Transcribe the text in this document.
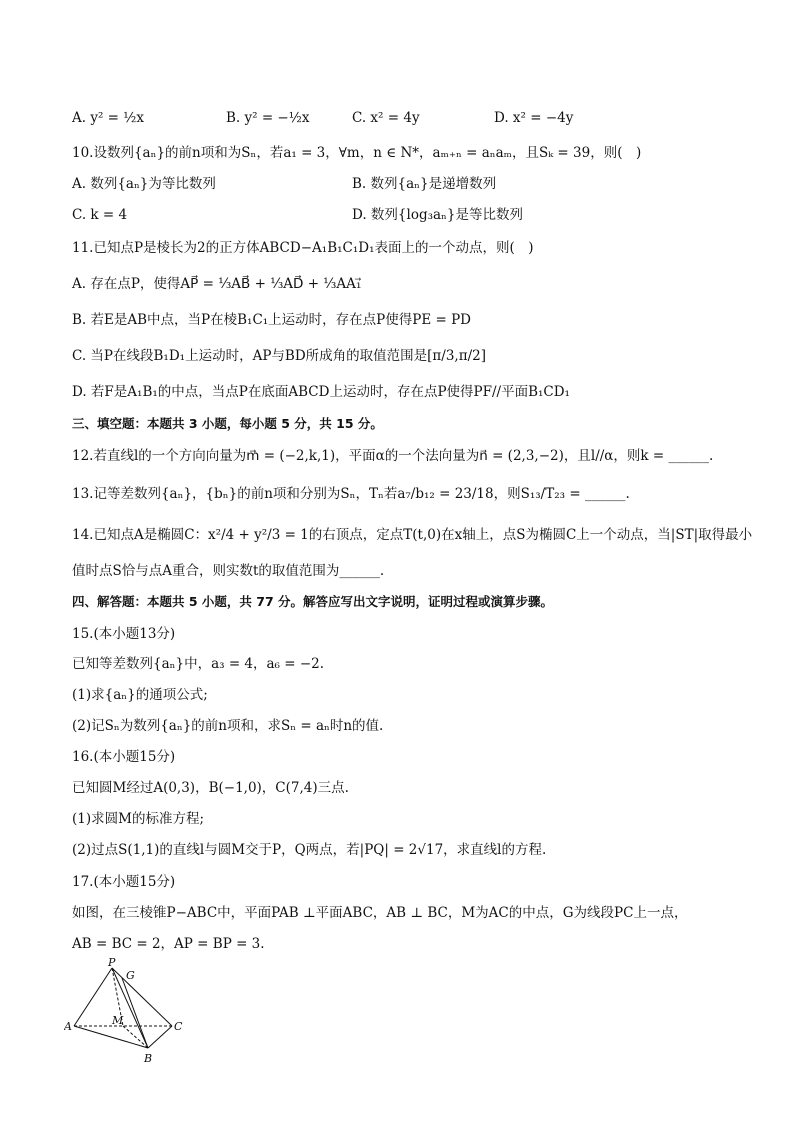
A. y² = ½x	B. y² = −½x	C. x² = 4y	D. x² = −4y
10.设数列{aₙ}的前n项和为Sₙ，若a₁ = 3，∀m，n ∈ N*，aₘ₊ₙ = aₙaₘ，且Sₖ = 39，则(　)
A. 数列{aₙ}为等比数列	B. 数列{aₙ}是递增数列
C. k = 4	D. 数列{log₃aₙ}是等比数列
11.已知点P是棱长为2的正方体ABCD−A₁B₁C₁D₁表面上的一个动点，则(　)
A. 存在点P，使得AP⃗ = ⅓AB⃗ + ⅓AD⃗ + ⅓AA₁⃗
B. 若E是AB中点，当P在棱B₁C₁上运动时，存在点P使得PE = PD
C. 当P在线段B₁D₁上运动时，AP与BD所成角的取值范围是[π/3,π/2]
D. 若F是A₁B₁的中点，当点P在底面ABCD上运动时，存在点P使得PF//平面B₁CD₁
三、填空题：本题共 3 小题，每小题 5 分，共 15 分。
12.若直线l的一个方向向量为m⃗ = (−2,k,1)，平面α的一个法向量为n⃗ = (2,3,−2)，且l//α，则k = ______.
13.记等差数列{aₙ}，{bₙ}的前n项和分别为Sₙ，Tₙ若a₇/b₁₂ = 23/18，则S₁₃/T₂₃ = ______.
14.已知点A是椭圆C：x²/4 + y²/3 = 1的右顶点，定点T(t,0)在x轴上，点S为椭圆C上一个动点，当|ST|取得最小
值时点S恰与点A重合，则实数t的取值范围为______.
四、解答题：本题共 5 小题，共 77 分。解答应写出文字说明，证明过程或演算步骤。
15.(本小题13分)
已知等差数列{aₙ}中，a₃ = 4，a₆ = −2.
(1)求{aₙ}的通项公式;
(2)记Sₙ为数列{aₙ}的前n项和，求Sₙ = aₙ时n的值.
16.(本小题15分)
已知圆M经过A(0,3)，B(−1,0)，C(7,4)三点.
(1)求圆M的标准方程;
(2)过点S(1,1)的直线l与圆M交于P，Q两点，若|PQ| = 2√17，求直线l的方程.
17.(本小题15分)
如图，在三棱锥P−ABC中，平面PAB ⊥平面ABC，AB ⊥ BC，M为AC的中点，G为线段PC上一点，
AB = BC = 2，AP = BP = 3.
P
G
A	M	C
B
